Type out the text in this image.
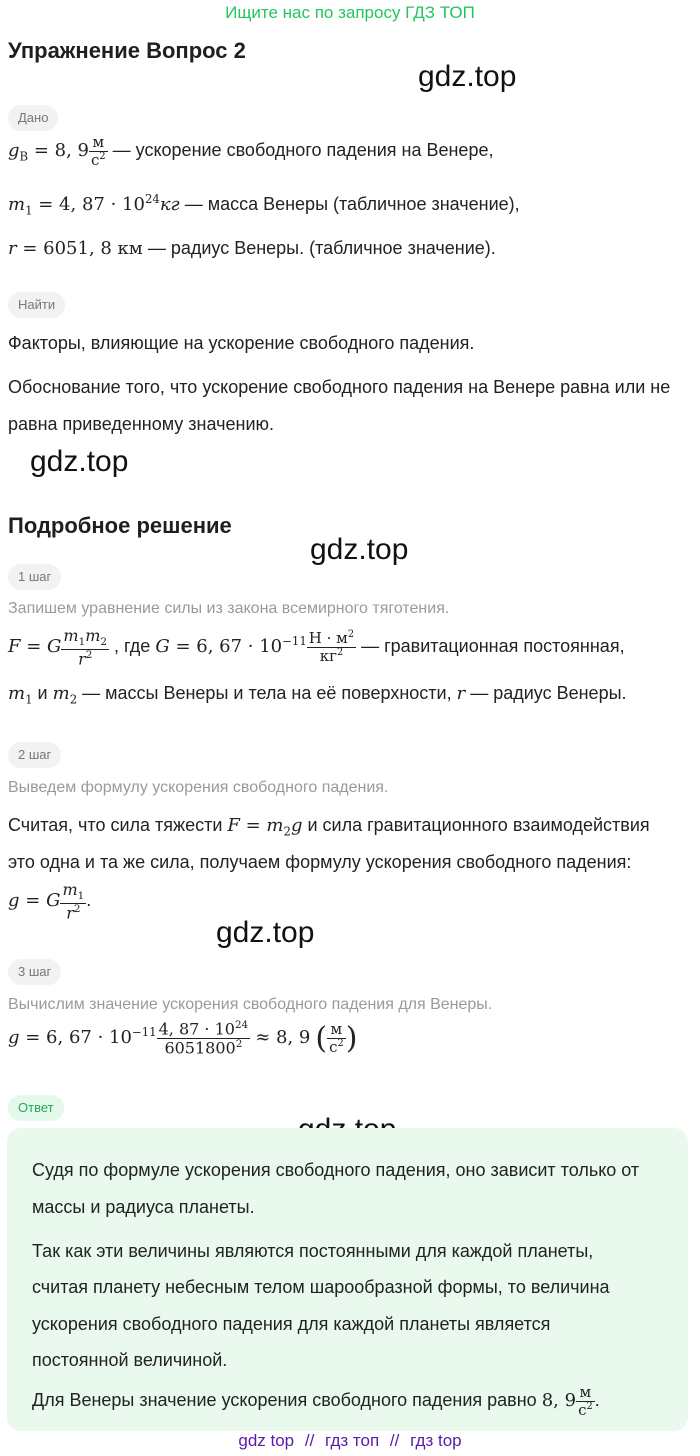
Ищите нас по запросу ГДЗ ТОП
Упражнение Вопрос 2
gdz.top
gdz.top
gdz.top
gdz.top
Дано
$g_В = 8$, $9 \frac{м}{с^2}$ — ускорение свободного падения на Венере,
$m_1 = 4$, $87 \cdot 10^{24}кг$ — масса Венеры (табличное значение),
r = 6051, 8 км — радиус Венеры. (табличное значение).
Найти
Факторы, влияющие на ускорение свободного падения.
Обоснование того, что ускорение свободного падения на Венере равна или не
равна приведенному значению.
Подробное решение
1 шаг
Запишем уравнение силы из закона всемирного тяготения.
F = G $\frac{m_1m_2}{r^2}$ , где G = 6, $67 \cdot 10^{-11} \frac{Н \cdot м^2}{кг^2}$ — гравитационная постоянная,
$m_1$ и $m_2$ — массы Венеры и тела на её поверхности, r — радиус Венеры.
2 шаг
Выведем формулу ускорения свободного падения.
Считая, что сила тяжести $F = m_2g$ и сила гравитационного взаимодействия
это одна и та же сила, получаем формулу ускорения свободного падения:
g = G $\frac{m_1}{r^2}$ .
3 шаг
Вычислим значение ускорения свободного падения для Венеры.
g = 6, $67 \cdot 10^{-11} \frac{4, 87 \cdot 10^{24}}{6051800^2} \approx 8$, 9 ( $\frac{м}{с^2}$ )
Ответ
Судя по формуле ускорения свободного падения, оно зависит только от
массы и радиуса планеты.
Так как эти величины являются постоянными для каждой планеты,
считая планету небесным телом шарообразной формы, то величина
ускорения свободного падения для каждой планеты является
постоянной величиной.
Для Венеры значение ускорения свободного падения равно 8, $9 \frac{м}{с^2}$ .
gdz top // гдз топ // гдз top
